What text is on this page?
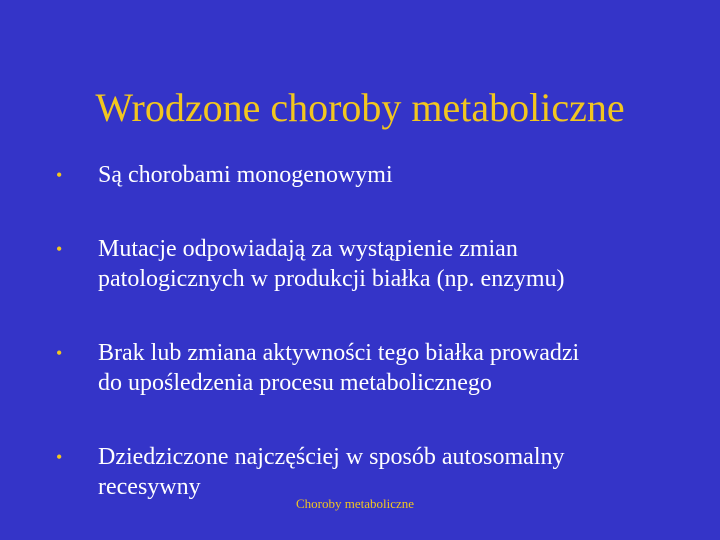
Wrodzone choroby metaboliczne
• Są chorobami monogenowymi
• Mutacje odpowiadają za wystąpienie zmian
patologicznych w produkcji białka (np. enzymu)
• Brak lub zmiana aktywności tego białka prowadzi
do upośledzenia procesu metabolicznego
• Dziedziczone najczęściej w sposób autosomalny
recesywny
Choroby metaboliczne
